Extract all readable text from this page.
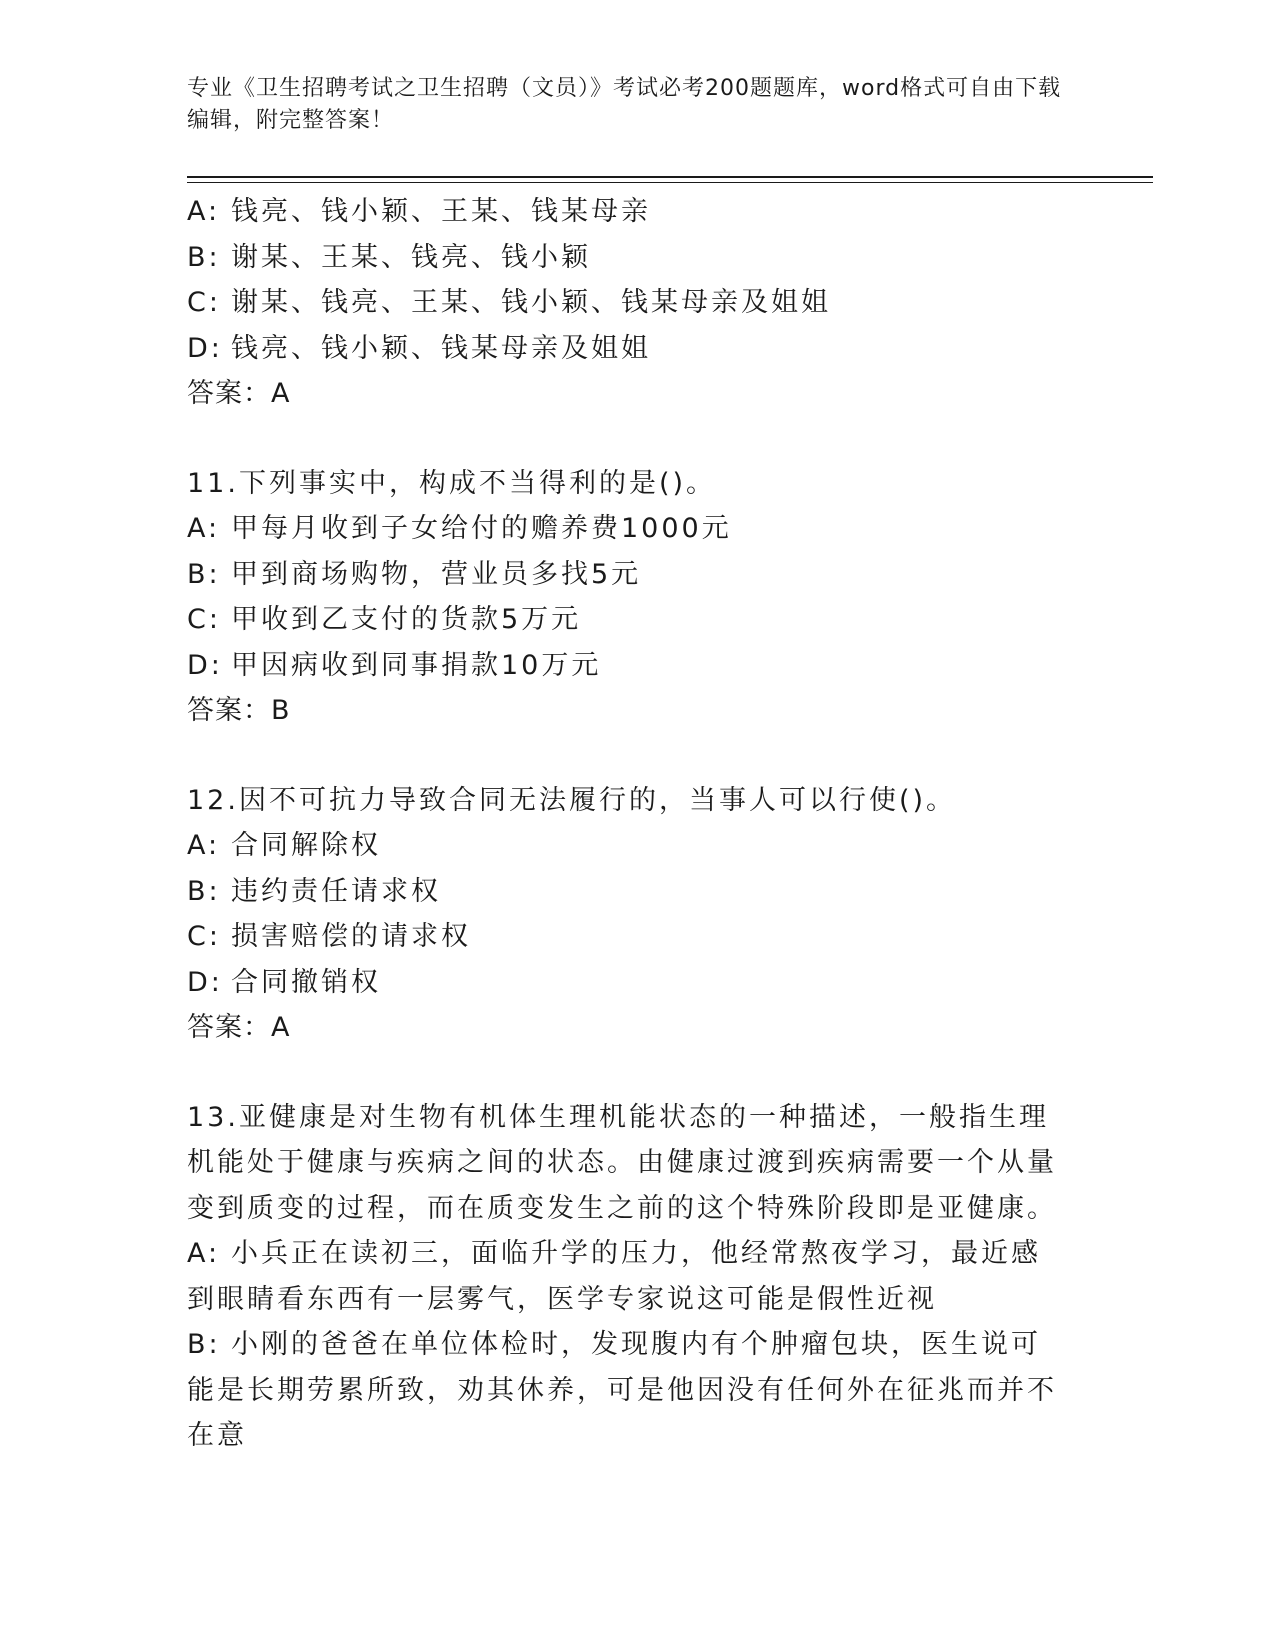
专业《卫生招聘考试之卫生招聘（文员）》考试必考200题题库，word格式可自由下载编辑，附完整答案！
A: 钱亮、钱小颖、王某、钱某母亲
B: 谢某、王某、钱亮、钱小颖
C: 谢某、钱亮、王某、钱小颖、钱某母亲及姐姐
D: 钱亮、钱小颖、钱某母亲及姐姐
答案：A
11.下列事实中，构成不当得利的是()。
A: 甲每月收到子女给付的赡养费1000元
B: 甲到商场购物，营业员多找5元
C: 甲收到乙支付的货款5万元
D: 甲因病收到同事捐款10万元
答案：B
12.因不可抗力导致合同无法履行的，当事人可以行使()。
A: 合同解除权
B: 违约责任请求权
C: 损害赔偿的请求权
D: 合同撤销权
答案：A
13.亚健康是对生物有机体生理机能状态的一种描述，一般指生理机能处于健康与疾病之间的状态。由健康过渡到疾病需要一个从量变到质变的过程，而在质变发生之前的这个特殊阶段即是亚健康。
A: 小兵正在读初三，面临升学的压力，他经常熬夜学习，最近感到眼睛看东西有一层雾气，医学专家说这可能是假性近视
B: 小刚的爸爸在单位体检时，发现腹内有个肿瘤包块，医生说可能是长期劳累所致，劝其休养，可是他因没有任何外在征兆而并不在意
